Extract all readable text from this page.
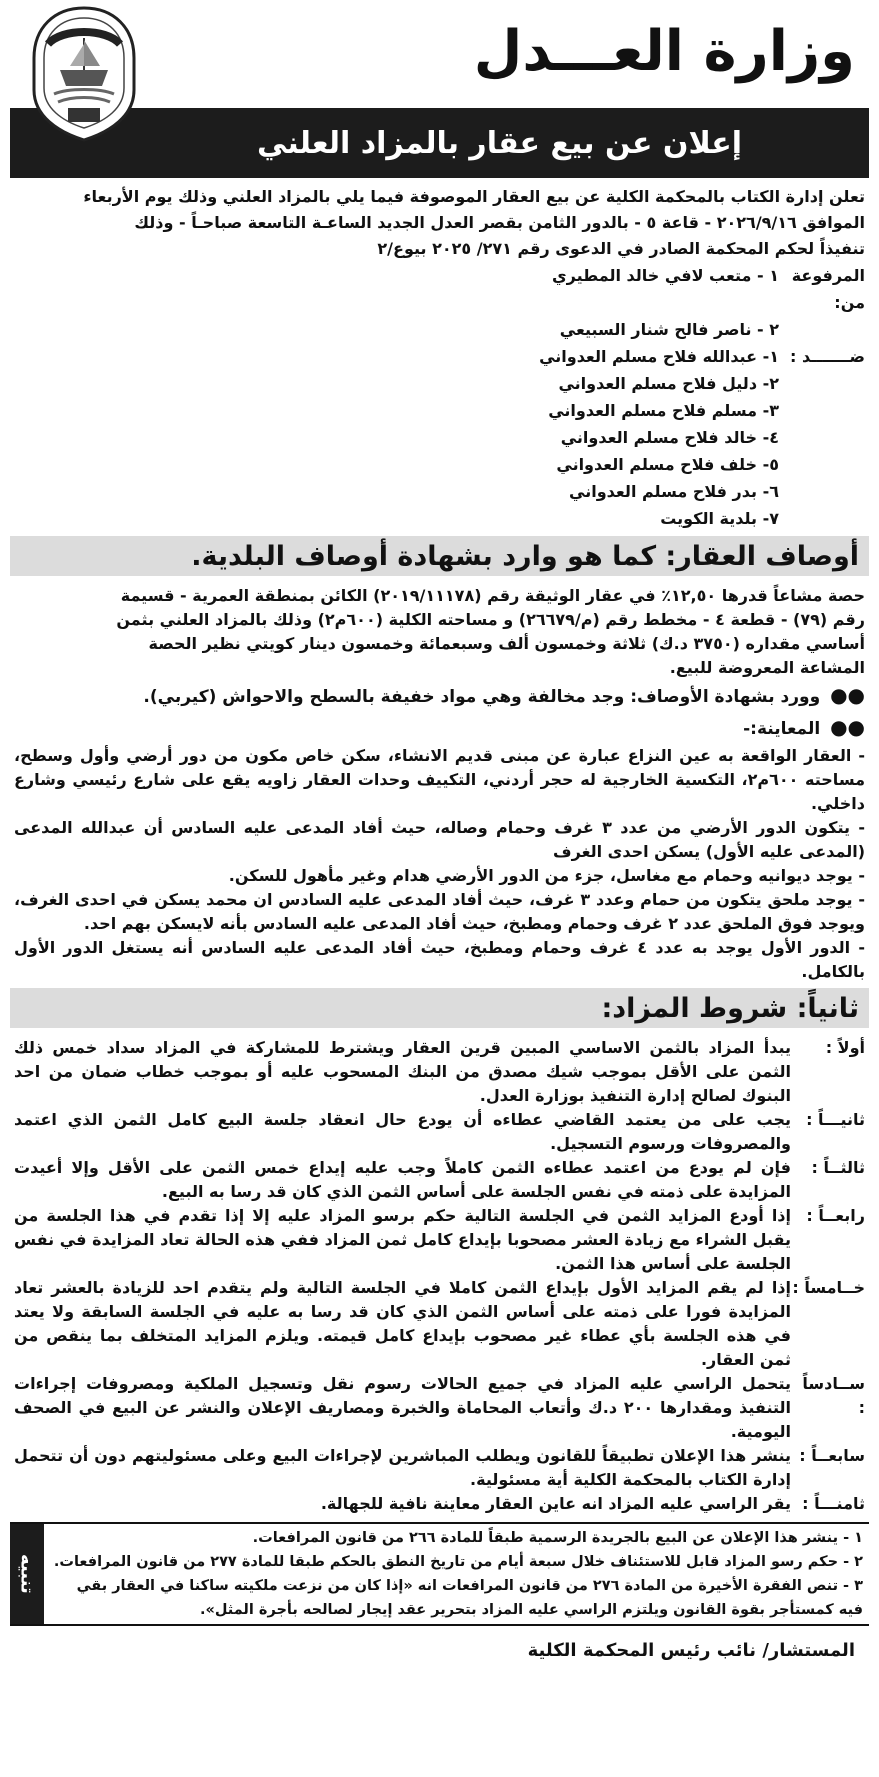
وزارة العـــدل
إعلان عن بيع عقار بالمزاد العلني
تعلن إدارة الكتاب بالمحكمة الكلية عن بيع العقار الموصوفة فيما يلي بالمزاد العلني وذلك يوم الأربعاء
الموافق ٢٠٢٦/٩/١٦ - قاعة ٥ - بالدور الثامن بقصر العدل الجديد الساعـة التاسعة صباحـاً - وذلك
تنفيذاً لحكم المحكمة الصادر في الدعوى رقم ٢٧١/ ٢٠٢٥ بيوع/٢
المرفوعة من:
١ - متعب لافي خالد المطيري
٢ - ناصر فالح شنار السبيعي
ضـــــــد :
١- عبدالله فلاح مسلم العدواني
٢- دليل فلاح مسلم العدواني
٣- مسلم فلاح مسلم العدواني
٤- خالد فلاح مسلم العدواني
٥- خلف فلاح مسلم العدواني
٦- بدر فلاح مسلم العدواني
٧- بلدية الكويت
أوصاف العقار: كما هو وارد بشهادة أوصاف البلدية.
حصة مشاعاً قدرها ١٢,٥٠٪ في عقار الوثيقة رقم (٢٠١٩/١١١٧٨) الكائن بمنطقة العمرية - قسيمة
رقم (٧٩) - قطعة ٤ - مخطط رقم (م/٢٦٦٧٩) و مساحته الكلية (٦٠٠م٢) وذلك بالمزاد العلني بثمن
أساسي مقداره (٣٧٥٠ د.ك) ثلاثة وخمسون ألف وسبعمائة وخمسون دينار كويتي نظير الحصة
المشاعة المعروضة للبيع.
●● وورد بشهادة الأوصاف: وجد مخالفة وهي مواد خفيفة بالسطح والاحواش (كيربي).
●● المعاينة:-
- العقار الواقعة به عين النزاع عبارة عن مبنى قديم الانشاء، سكن خاص مكون من دور أرضي وأول وسطح، مساحته ٦٠٠م٢، التكسية الخارجية له حجر أردني، التكييف وحدات العقار زاويه يقع على شارع رئيسي وشارع داخلي.
- يتكون الدور الأرضي من عدد ٣ غرف وحمام وصاله، حيث أفاد المدعى عليه السادس أن عبدالله المدعى (المدعى عليه الأول) يسكن احدى الغرف
- يوجد ديوانيه وحمام مع مغاسل، جزء من الدور الأرضي هدام وغير مأهول للسكن.
- يوجد ملحق يتكون من حمام وعدد ٣ غرف، حيث أفاد المدعى عليه السادس ان محمد يسكن في احدى الغرف، ويوجد فوق الملحق عدد ٢ غرف وحمام ومطبخ، حيث أفاد المدعى عليه السادس بأنه لايسكن بهم احد.
- الدور الأول يوجد به عدد ٤ غرف وحمام ومطبخ، حيث أفاد المدعى عليه السادس أنه يستغل الدور الأول بالكامل.
ثانياً: شروط المزاد:
أولاً :
يبدأ المزاد بالثمن الاساسي المبين قرين العقار ويشترط للمشاركة في المزاد سداد خمس ذلك الثمن على الأقل بموجب شيك مصدق من البنك المسحوب عليه أو بموجب خطاب ضمان من احد البنوك لصالح إدارة التنفيذ بوزارة العدل.
ثانيـــاً :
يجب على من يعتمد القاضي عطاءه أن يودع حال انعقاد جلسة البيع كامل الثمن الذي اعتمد والمصروفات ورسوم التسجيل.
ثالثــاً :
فإن لم يودع من اعتمد عطاءه الثمن كاملاً وجب عليه إيداع خمس الثمن على الأقل وإلا أعيدت المزايدة على ذمته في نفس الجلسة على أساس الثمن الذي كان قد رسا به البيع.
رابعــاً :
إذا أودع المزايد الثمن في الجلسة التالية حكم برسو المزاد عليه إلا إذا تقدم في هذا الجلسة من يقبل الشراء مع زيادة العشر مصحوبا بإيداع كامل ثمن المزاد ففي هذه الحالة تعاد المزايدة في نفس الجلسة على أساس هذا الثمن.
خــامساً :
إذا لم يقم المزايد الأول بإيداع الثمن كاملا في الجلسة التالية ولم يتقدم احد للزيادة بالعشر تعاد المزايدة فورا على ذمته على أساس الثمن الذي كان قد رسا به عليه في الجلسة السابقة ولا يعتد في هذه الجلسة بأي عطاء غير مصحوب بإيداع كامل قيمته. ويلزم المزايد المتخلف بما ينقص من ثمن العقار.
ســادساً :
يتحمل الراسي عليه المزاد في جميع الحالات رسوم نقل وتسجيل الملكية ومصروفات إجراءات التنفيذ ومقدارها ٢٠٠ د.ك وأتعاب المحاماة والخبرة ومصاريف الإعلان والنشر عن البيع في الصحف اليومية.
سابعــاً :
ينشر هذا الإعلان تطبيقاً للقانون ويطلب المباشرين لإجراءات البيع وعلى مسئوليتهم دون أن تتحمل إدارة الكتاب بالمحكمة الكلية أية مسئولية.
ثامنـــاً :
يقر الراسي عليه المزاد انه عاين العقار معاينة نافية للجهالة.
١ - ينشر هذا الإعلان عن البيع بالجريدة الرسمية طبقاً للمادة ٢٦٦ من قانون المرافعات.
٢ - حكم رسو المزاد قابل للاستئناف خلال سبعة أيام من تاريخ النطق بالحكم طبقا للمادة ٢٧٧ من قانون المرافعات.
٣ - تنص الفقرة الأخيرة من المادة ٢٧٦ من قانون المرافعات انه «إذا كان من نزعت ملكيته ساكنا في العقار بقي فيه كمستأجر بقوة القانون ويلتزم الراسي عليه المزاد بتحرير عقد إيجار لصالحه بأجرة المثل».
تنبيه
المستشار/ نائب رئيس المحكمة الكلية
